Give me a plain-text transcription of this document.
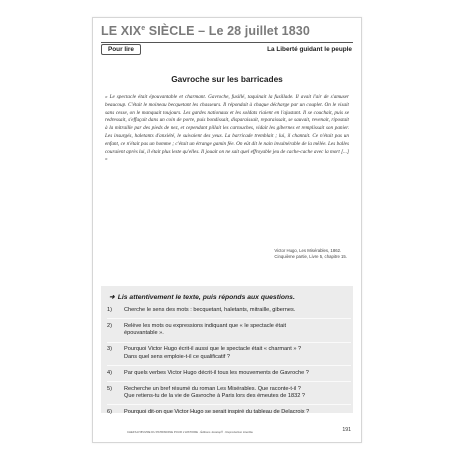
LE XIXe SIÈCLE – Le 28 juillet 1830
Pour lire	La Liberté guidant le peuple
Gavroche sur les barricades

« Le spectacle était épouvantable et charmant. Gavroche, fusillé, taquinait la fusillade. Il avait l'air de s'amuser beaucoup. C'était le moineau becquetant les chasseurs. Il répondait à chaque décharge par un couplet. On le visait sans cesse, on le manquait toujours. Les gardes nationaux et les soldats riaient en l'ajustant. Il se couchait, puis se redressait, s'effaçait dans un coin de porte, puis bondissait, disparaissait, reparaissait, se sauvait, revenait, ripostait à la mitraille par des pieds de nez, et cependant pillait les cartouches, vidait les gibernes et remplissait son panier. Les insurgés, haletants d'anxiété, le suivaient des yeux. La barricade tremblait ; lui, il chantait. Ce n'était pas un enfant, ce n'était pas un homme ; c'était un étrange gamin fée. On eût dit le nain invulnérable de la mêlée. Les balles couraient après lui, il était plus leste qu'elles. Il jouait on ne sait quel effroyable jeu de cache-cache avec la mort [...] »

Victor Hugo, Les Misérables, 1862.
Cinquième partie, Livre 5, chapitre 15.
➜ Lis attentivement le texte, puis réponds aux questions.
1) Cherche le sens des mots : becquetant, haletants, mitraille, gibernes.
2) Relève les mots ou expressions indiquant que « le spectacle était
épouvantable ».
3) Pourquoi Victor Hugo écrit-il aussi que le spectacle était « charmant » ?
Dans quel sens emploie-t-il ce qualificatif ?
4) Par quels verbes Victor Hugo décrit-il tous les mouvements de Gavroche ?
5) Recherche un bref résumé du roman Les Misérables. Que raconte-t-il ?
Que retiens-tu de la vie de Gavroche à Paris lors des émeutes de 1832 ?
6) Pourquoi dit-on que Victor Hugo se serait inspiré du tableau de Delacroix ?
CHEFS-D'ŒUVRE DU PATRIMOINE POUR L'HISTOIRE · Éditions Jocatop® · Reproduction interdite	191
